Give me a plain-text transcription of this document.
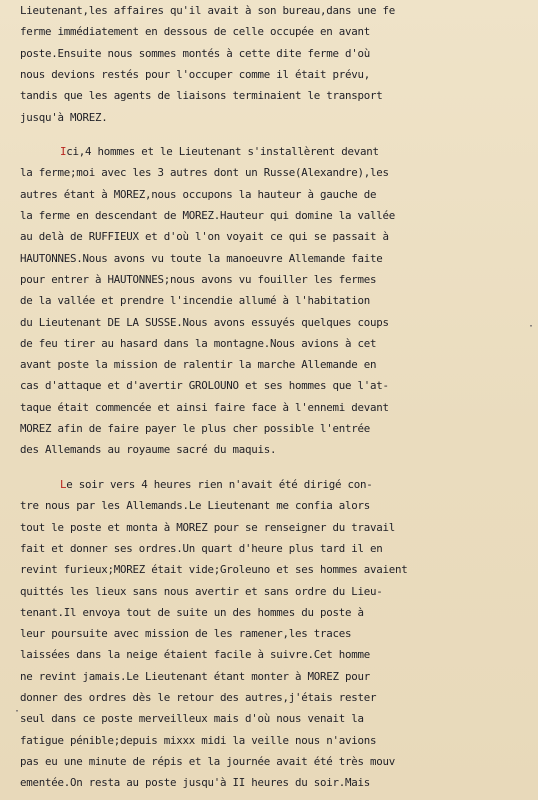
Lieutenant,les affaires qu'il avait à son bureau,dans une fe
ferme immédiatement en dessous de celle occupée en avant
poste.Ensuite nous sommes montés à cette dite ferme d'où
nous devions restés pour l'occuper comme il était prévu,
tandis que les agents de liaisons terminaient le transport
jusqu'à MOREZ.
Ici,4 hommes et le Lieutenant s'installèrent devant
la ferme;moi avec les 3 autres dont un Russe(Alexandre),les
autres étant à MOREZ,nous occupons la hauteur à gauche de
la ferme en descendant de MOREZ.Hauteur qui domine la vallée
au delà de RUFFIEUX et d'où l'on voyait ce qui se passait à
HAUTONNES.Nous avons vu toute la manoeuvre Allemande faite
pour entrer à HAUTONNES;nous avons vu fouiller les fermes
de la vallée et prendre l'incendie allumé à l'habitation
du Lieutenant DE LA SUSSE.Nous avons essuyés quelques coups
de feu tirer au hasard dans la montagne.Nous avions à cet
avant poste la mission de ralentir la marche Allemande en
cas d'attaque et d'avertir GROLOUNO et ses hommes que l'at-
taque était commencée et ainsi faire face à l'ennemi devant
MOREZ afin de faire payer le plus cher possible l'entrée
des Allemands au royaume sacré du maquis.
Le soir vers 4 heures rien n'avait été dirigé con-
tre nous par les Allemands.Le Lieutenant me confia alors
tout le poste et monta à MOREZ pour se renseigner du travail
fait et donner ses ordres.Un quart d'heure plus tard il en
revint furieux;MOREZ était vide;Groleuno et ses hommes avaient
quittés les lieux sans nous avertir et sans ordre du Lieu-
tenant.Il envoya tout de suite un des hommes du poste à
leur poursuite avec mission de les ramener,les traces
laissées dans la neige étaient facile à suivre.Cet homme
ne revint jamais.Le Lieutenant étant monter à MOREZ pour
donner des ordres dès le retour des autres,j'étais rester
seul dans ce poste merveilleux mais d'où nous venait la
fatigue pénible;depuis mixxx midi la veille nous n'avions
pas eu une minute de répis et la journée avait été très mouv
ementée.On resta au poste jusqu'à II heures du soir.Mais
·
·
